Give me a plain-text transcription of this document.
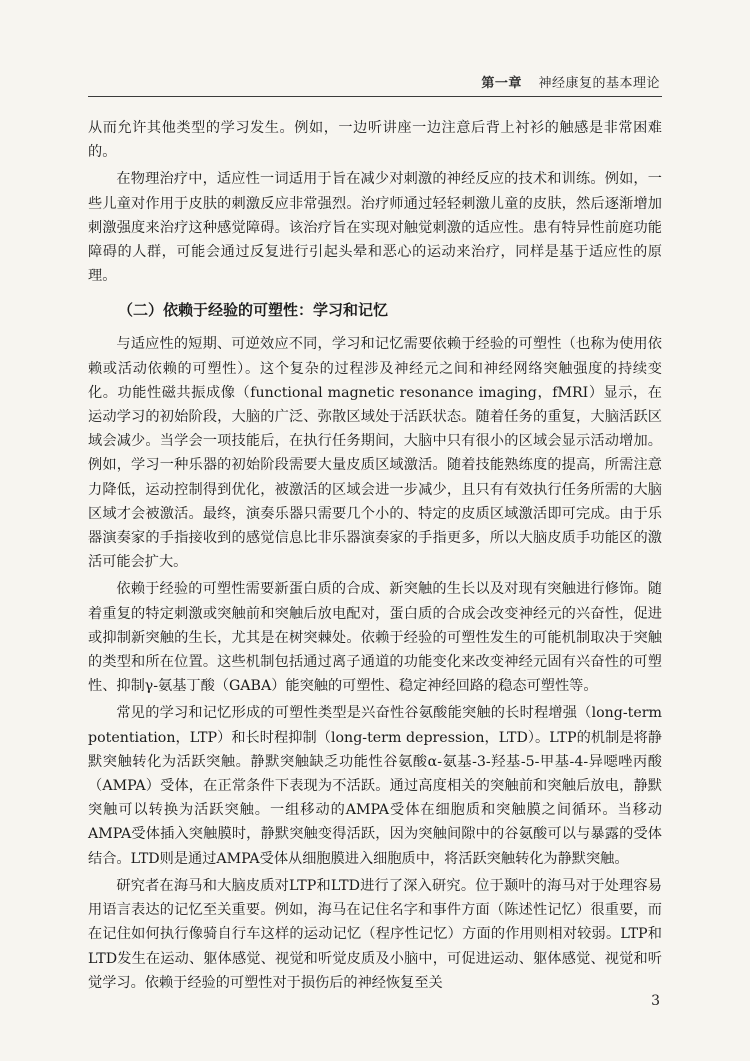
第一章 神经康复的基本理论

从而允许其他类型的学习发生。例如，一边听讲座一边注意后背上衬衫的触感是非常困难的。

在物理治疗中，适应性一词适用于旨在减少对刺激的神经反应的技术和训练。例如，一些儿童对作用于皮肤的刺激反应非常强烈。治疗师通过轻轻刺激儿童的皮肤，然后逐渐增加刺激强度来治疗这种感觉障碍。该治疗旨在实现对触觉刺激的适应性。患有特异性前庭功能障碍的人群，可能会通过反复进行引起头晕和恶心的运动来治疗，同样是基于适应性的原理。

（二）依赖于经验的可塑性：学习和记忆

与适应性的短期、可逆效应不同，学习和记忆需要依赖于经验的可塑性（也称为使用依赖或活动依赖的可塑性）。这个复杂的过程涉及神经元之间和神经网络突触强度的持续变化。功能性磁共振成像（functional magnetic resonance imaging，fMRI）显示，在运动学习的初始阶段，大脑的广泛、弥散区域处于活跃状态。随着任务的重复，大脑活跃区域会减少。当学会一项技能后，在执行任务期间，大脑中只有很小的区域会显示活动增加。例如，学习一种乐器的初始阶段需要大量皮质区域激活。随着技能熟练度的提高，所需注意力降低，运动控制得到优化，被激活的区域会进一步减少，且只有有效执行任务所需的大脑区域才会被激活。最终，演奏乐器只需要几个小的、特定的皮质区域激活即可完成。由于乐器演奏家的手指接收到的感觉信息比非乐器演奏家的手指更多，所以大脑皮质手功能区的激活可能会扩大。

依赖于经验的可塑性需要新蛋白质的合成、新突触的生长以及对现有突触进行修饰。随着重复的特定刺激或突触前和突触后放电配对，蛋白质的合成会改变神经元的兴奋性，促进或抑制新突触的生长，尤其是在树突棘处。依赖于经验的可塑性发生的可能机制取决于突触的类型和所在位置。这些机制包括通过离子通道的功能变化来改变神经元固有兴奋性的可塑性、抑制γ-氨基丁酸（GABA）能突触的可塑性、稳定神经回路的稳态可塑性等。

常见的学习和记忆形成的可塑性类型是兴奋性谷氨酸能突触的长时程增强（long-term potentiation，LTP）和长时程抑制（long-term depression，LTD）。LTP的机制是将静默突触转化为活跃突触。静默突触缺乏功能性谷氨酸α-氨基-3-羟基-5-甲基-4-异噁唑丙酸（AMPA）受体，在正常条件下表现为不活跃。通过高度相关的突触前和突触后放电，静默突触可以转换为活跃突触。一组移动的AMPA受体在细胞质和突触膜之间循环。当移动AMPA受体插入突触膜时，静默突触变得活跃，因为突触间隙中的谷氨酸可以与暴露的受体结合。LTD则是通过AMPA受体从细胞膜进入细胞质中，将活跃突触转化为静默突触。

研究者在海马和大脑皮质对LTP和LTD进行了深入研究。位于颞叶的海马对于处理容易用语言表达的记忆至关重要。例如，海马在记住名字和事件方面（陈述性记忆）很重要，而在记住如何执行像骑自行车这样的运动记忆（程序性记忆）方面的作用则相对较弱。LTP和LTD发生在运动、躯体感觉、视觉和听觉皮质及小脑中，可促进运动、躯体感觉、视觉和听觉学习。依赖于经验的可塑性对于损伤后的神经恢复至关

3
